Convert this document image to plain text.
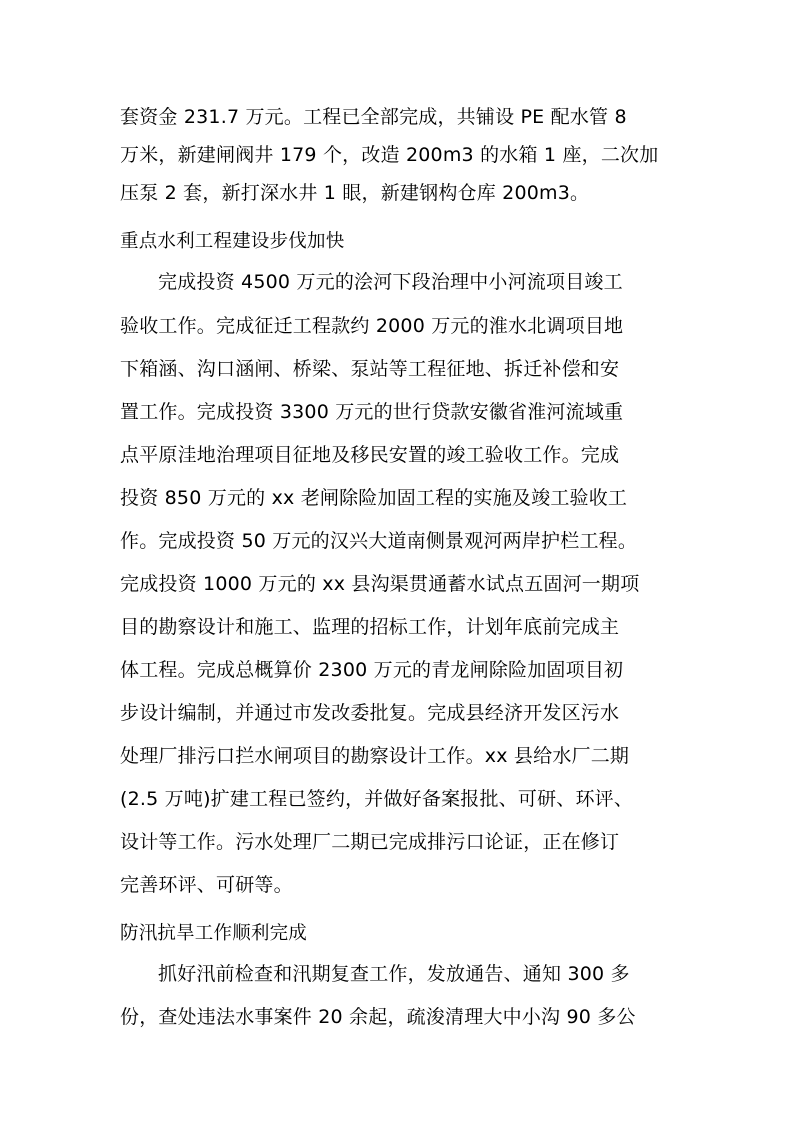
套资金 231.7 万元。工程已全部完成，共铺设 PE 配水管 8
万米，新建闸阀井 179 个，改造 200m3 的水箱 1 座，二次加
压泵 2 套，新打深水井 1 眼，新建钢构仓库 200m3。
重点水利工程建设步伐加快
完成投资 4500 万元的浍河下段治理中小河流项目竣工
验收工作。完成征迁工程款约 2000 万元的淮水北调项目地
下箱涵、沟口涵闸、桥梁、泵站等工程征地、拆迁补偿和安
置工作。完成投资 3300 万元的世行贷款安徽省淮河流域重
点平原洼地治理项目征地及移民安置的竣工验收工作。完成
投资 850 万元的 xx 老闸除险加固工程的实施及竣工验收工
作。完成投资 50 万元的汉兴大道南侧景观河两岸护栏工程。
完成投资 1000 万元的 xx 县沟渠贯通蓄水试点五固河一期项
目的勘察设计和施工、监理的招标工作，计划年底前完成主
体工程。完成总概算价 2300 万元的青龙闸除险加固项目初
步设计编制，并通过市发改委批复。完成县经济开发区污水
处理厂排污口拦水闸项目的勘察设计工作。xx 县给水厂二期
(2.5 万吨)扩建工程已签约，并做好备案报批、可研、环评、
设计等工作。污水处理厂二期已完成排污口论证，正在修订
完善环评、可研等。
防汛抗旱工作顺利完成
抓好汛前检查和汛期复查工作，发放通告、通知 300 多
份，查处违法水事案件 20 余起，疏浚清理大中小沟 90 多公
